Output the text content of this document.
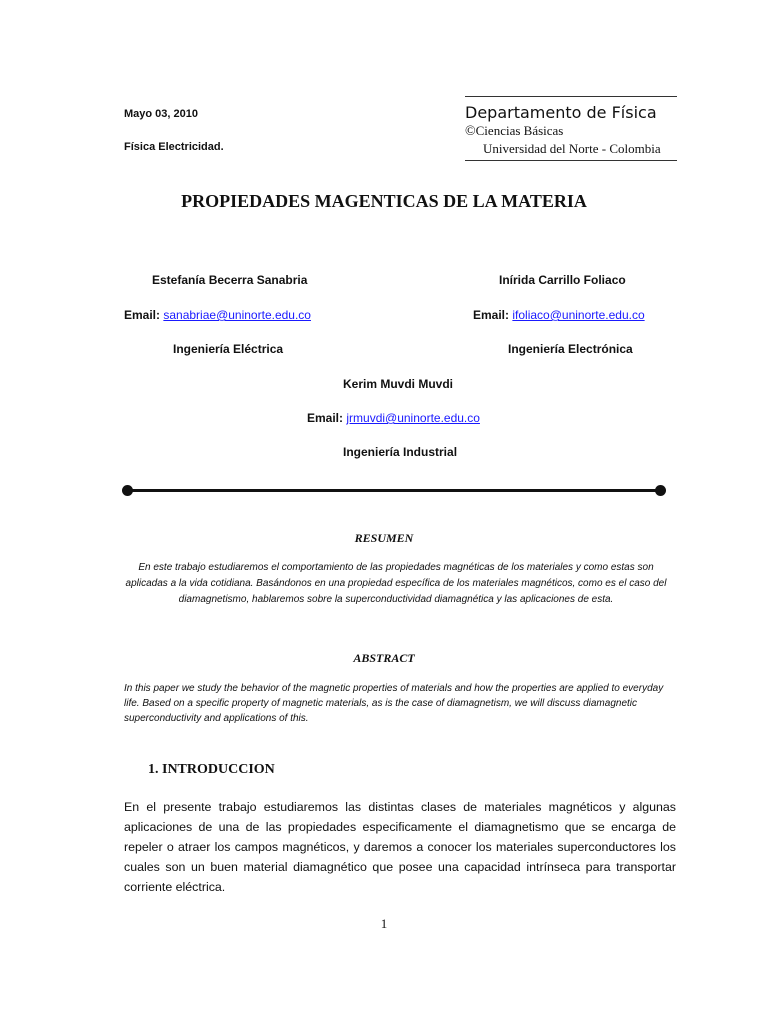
Mayo 03, 2010
Física Electricidad.
Departamento de Física
©Ciencias Básicas
Universidad del Norte - Colombia
PROPIEDADES MAGENTICAS DE LA MATERIA
Estefanía Becerra Sanabria	Inírida Carrillo Foliaco
Email: sanabriae@uninorte.edu.co	Email: ifoliaco@uninorte.edu.co
Ingeniería Eléctrica	Ingeniería Electrónica
Kerim Muvdi Muvdi
Email: jrmuvdi@uninorte.edu.co
Ingeniería Industrial
RESUMEN
En este trabajo estudiaremos el comportamiento de las propiedades magnéticas de los materiales y como estas son aplicadas a la vida cotidiana. Basándonos en una propiedad específica de los materiales magnéticos, como es el caso del diamagnetismo, hablaremos sobre la superconductividad diamagnética y las aplicaciones de esta.
ABSTRACT
In this paper we study the behavior of the magnetic properties of materials and how the properties are applied to everyday life. Based on a specific property of magnetic materials, as is the case of diamagnetism, we will discuss diamagnetic superconductivity and applications of this.
1. INTRODUCCION
En el presente trabajo estudiaremos las distintas clases de materiales magnéticos y algunas aplicaciones de una de las propiedades especificamente el diamagnetismo que se encarga de repeler o atraer los campos magnéticos, y daremos a conocer los materiales superconductores los cuales son un buen material diamagnético que posee una capacidad intrínseca para transportar corriente eléctrica.
1
